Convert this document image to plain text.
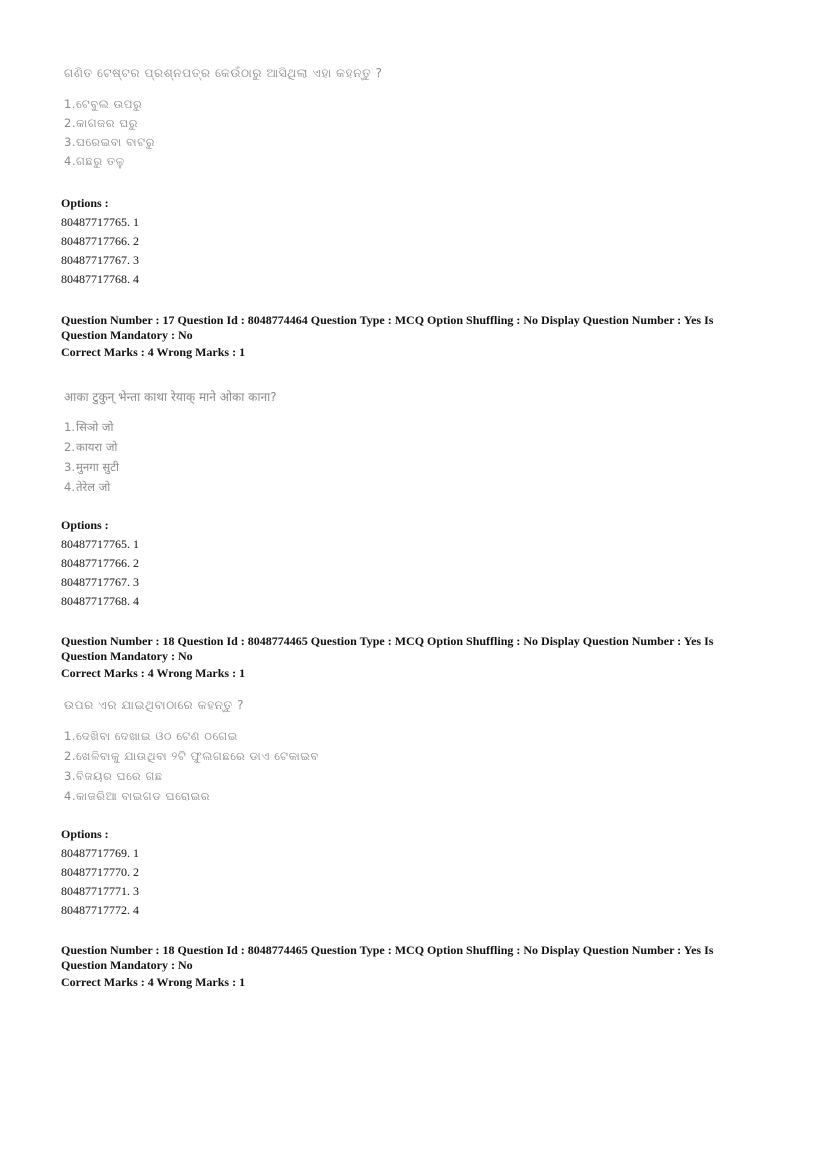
ଗଣିତ ଟେଷ୍ଟର ପ୍ରଶ୍ନପତ୍ର କେଉଁଠାରୁ ଆସିଥିଲା ଏହା କହନ୍ତୁ ?
1. ଟେବୁଲ ଉପରୁ
2. କାଗଜର ଘରୁ
3. ଘରେଇବା ବାଟରୁ
4. ଗଛରୁ ତଳୁ
Options :
80487717765. 1
80487717766. 2
80487717767. 3
80487717768. 4
Question Number : 17 Question Id : 8048774464 Question Type : MCQ Option Shuffling : No Display Question Number : Yes Is
Question Mandatory : No
Correct Marks : 4 Wrong Marks : 1
आका टुकुन् भेन्ता काथा रेयाक् माने ओका काना?
1. सिञो जो
2. कायरा जो
3. मुनगा सुटी
4. तेरेल जो
Options :
80487717765. 1
80487717766. 2
80487717767. 3
80487717768. 4
Question Number : 18 Question Id : 8048774465 Question Type : MCQ Option Shuffling : No Display Question Number : Yes Is
Question Mandatory : No
Correct Marks : 4 Wrong Marks : 1
ଉପର ଏର ଯାଇଥିବାଠାରେ କହନ୍ତୁ ?
1. ଦେଖିବା ଦେଖାଇ ଓଠ ଟେଣ ଠଗେଇ
2. ଖେଳିବାକୁ ଯାଉଥିବା ୨ଟି ଫୁଲଗଛରେ ଡାଏ ଟେକାଇବ
3. ବିଜୟର ଘରେ ଗଛ
4. କାଜରିଆ ବାଇଗଡ ଘରୋଇର
Options :
80487717769. 1
80487717770. 2
80487717771. 3
80487717772. 4
Question Number : 18 Question Id : 8048774465 Question Type : MCQ Option Shuffling : No Display Question Number : Yes Is
Question Mandatory : No
Correct Marks : 4 Wrong Marks : 1
